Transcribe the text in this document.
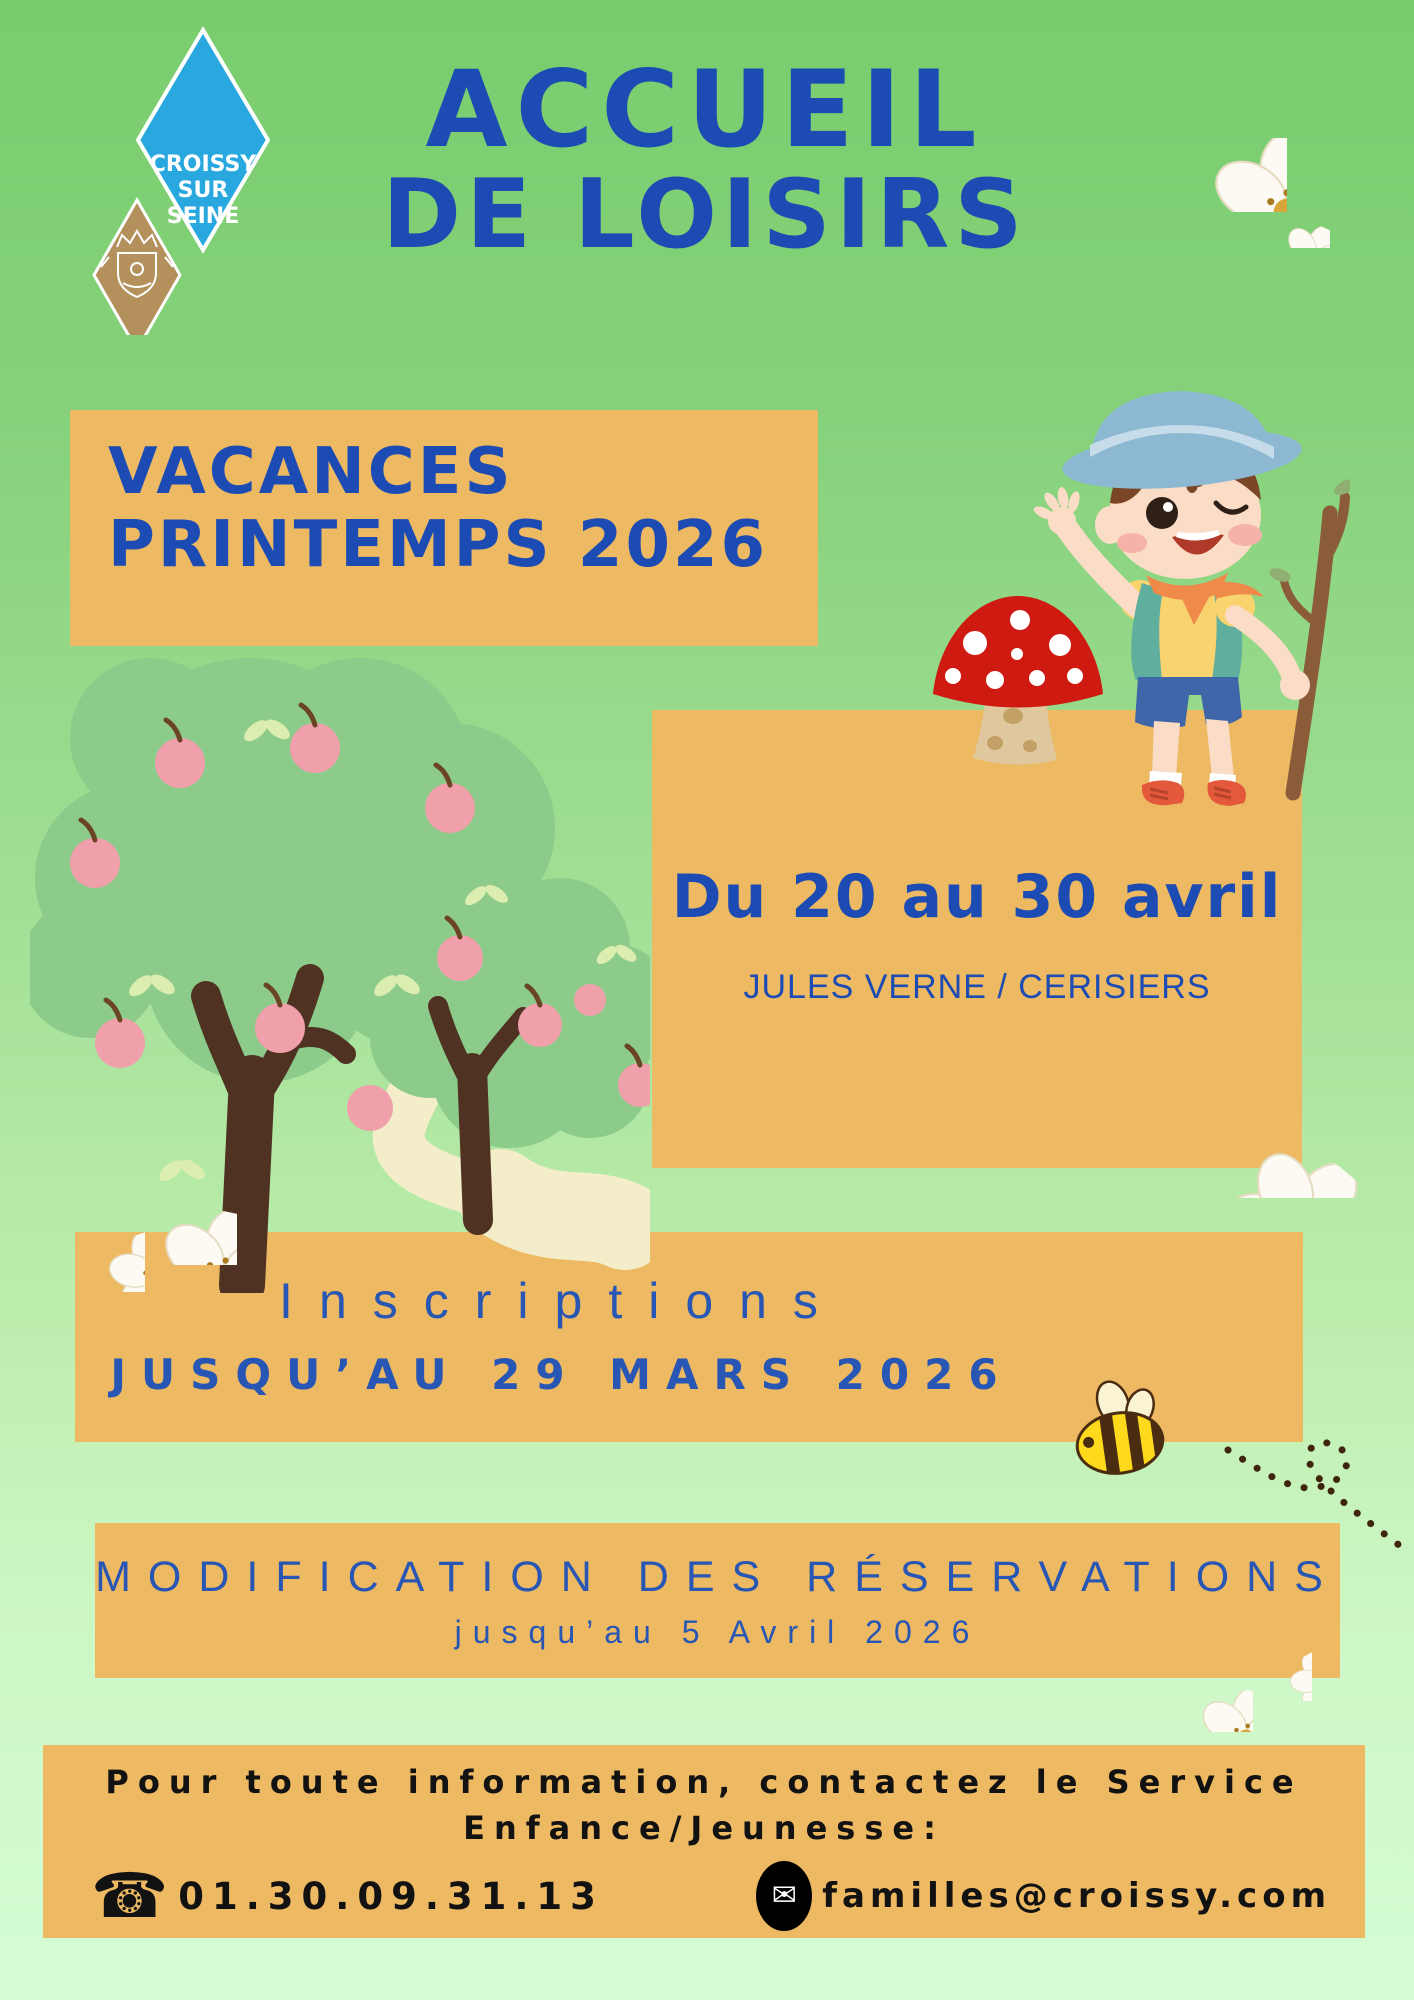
CROISSY
SUR
SEINE
ACCUEIL
DE LOISIRS
VACANCES
PRINTEMPS 2026
Du 20 au 30 avril
JULES VERNE / CERISIERS
Inscriptions
JUSQU’AU 29 MARS 2026
MODIFICATION DES RÉSERVATIONS
jusqu’au 5 Avril 2026
Pour toute information, contactez le Service
Enfance/Jeunesse:
☎ 01.30.09.31.13	✉ familles@croissy.com
